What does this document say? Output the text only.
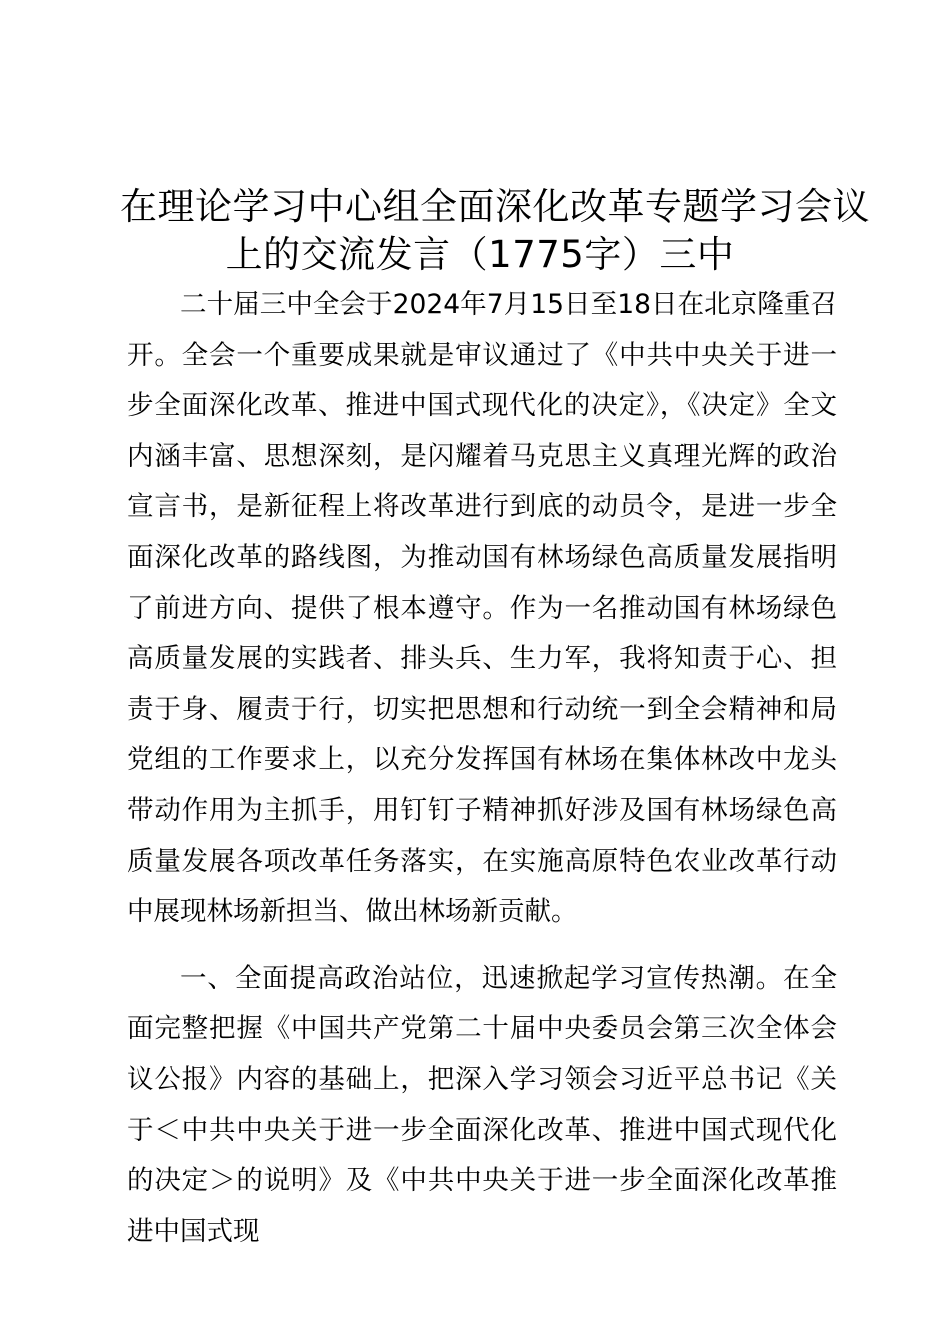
在理论学习中心组全面深化改革专题学习会议
上的交流发言（1775字）三中

二十届三中全会于2024年7月15日至18日在北京隆重召开。全会一个重要成果就是审议通过了《中共中央关于进一步全面深化改革、推进中国式现代化的决定》，《决定》全文内涵丰富、思想深刻，是闪耀着马克思主义真理光辉的政治宣言书，是新征程上将改革进行到底的动员令，是进一步全面深化改革的路线图，为推动国有林场绿色高质量发展指明了前进方向、提供了根本遵守。作为一名推动国有林场绿色高质量发展的实践者、排头兵、生力军，我将知责于心、担责于身、履责于行，切实把思想和行动统一到全会精神和局党组的工作要求上，以充分发挥国有林场在集体林改中龙头带动作用为主抓手，用钉钉子精神抓好涉及国有林场绿色高质量发展各项改革任务落实，在实施高原特色农业改革行动中展现林场新担当、做出林场新贡献。

一、全面提高政治站位，迅速掀起学习宣传热潮。在全面完整把握《中国共产党第二十届中央委员会第三次全体会议公报》内容的基础上，把深入学习领会习近平总书记《关于＜中共中央关于进一步全面深化改革、推进中国式现代化的决定＞的说明》及《中共中央关于进一步全面深化改革推进中国式现
